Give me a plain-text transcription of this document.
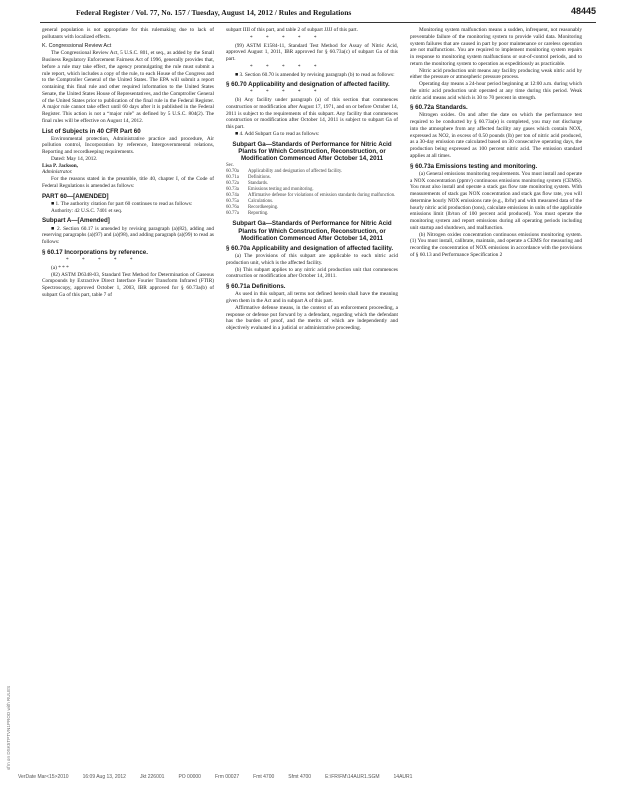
Federal Register / Vol. 77, No. 157 / Tuesday, August 14, 2012 / Rules and Regulations	48445

general population is not appropriate for this rulemaking due to lack of pollutants with localized effects.

K. Congressional Review Act

The Congressional Review Act, 5 U.S.C. 801, et seq., as added by the Small Business Regulatory Enforcement Fairness Act of 1996, generally provides that, before a rule may take effect, the agency promulgating the rule must submit a rule report, which includes a copy of the rule, to each House of the Congress and to the Comptroller General of the United States. The EPA will submit a report containing this final rule and other required information to the United States Senate, the United States House of Representatives, and the Comptroller General of the United States prior to publication of the final rule in the Federal Register. A major rule cannot take effect until 60 days after it is published in the Federal Register. This action is not a “major rule” as defined by 5 U.S.C. 804(2). The final rules will be effective on August 14, 2012.

List of Subjects in 40 CFR Part 60

Environmental protection, Administrative practice and procedure, Air pollution control, Incorporation by reference, Intergovernmental relations, Reporting and recordkeeping requirements.

Dated: May 14, 2012.

Lisa P. Jackson,

Administrator.

For the reasons stated in the preamble, title 40, chapter I, of the Code of Federal Regulations is amended as follows:

PART 60—[AMENDED]

■ 1. The authority citation for part 60 continues to read as follows:

Authority: 42 U.S.C. 7401 et seq.

Subpart A—[Amended]

■ 2. Section 60.17 is amended by revising paragraph (a)(82), adding and reserving paragraphs (a)(97) and (a)(98), and adding paragraph (a)(99) to read as follows:

§ 60.17 Incorporations by reference.

* * * * *

(a) * * *

(82) ASTM D6348-03, Standard Test Method for Determination of Gaseous Compounds by Extractive Direct Interface Fourier Transform Infrared (FTIR) Spectroscopy, approved October 1, 2003, IBR approved for § 60.73a(b) of subpart Ga of this part, table 7 of

subpart IIII of this part, and table 2 of subpart JJJJ of this part.

* * * * *

(99) ASTM E1584-11, Standard Test Method for Assay of Nitric Acid, approved August 1, 2011, IBR approved for § 60.73a(c) of subpart Ga of this part.

* * * * *

■ 3. Section 60.70 is amended by revising paragraph (b) to read as follows:

§ 60.70 Applicability and designation of affected facility.

* * * * *

(b) Any facility under paragraph (a) of this section that commences construction or modification after August 17, 1971, and on or before October 14, 2011 is subject to the requirements of this subpart. Any facility that commences construction or modification after October 14, 2011 is subject to subpart Ga of this part.

■ 4. Add Subpart Ga to read as follows:

Subpart Ga—Standards of Performance for Nitric Acid Plants for Which Construction, Reconstruction, or Modification Commenced After October 14, 2011

Sec.
60.70a	Applicability and designation of affected facility.
60.71a	Definitions.
60.72a	Standards.
60.73a	Emissions testing and monitoring.
60.74a	Affirmative defense for violations of emission standards during malfunction.
60.75a	Calculations.
60.76a	Recordkeeping.
60.77a	Reporting.

Subpart Ga—Standards of Performance for Nitric Acid Plants for Which Construction, Reconstruction, or Modification Commenced After October 14, 2011

§ 60.70a Applicability and designation of affected facility.

(a) The provisions of this subpart are applicable to each nitric acid production unit, which is the affected facility.

(b) This subpart applies to any nitric acid production unit that commences construction or modification after October 14, 2011.

§ 60.71a Definitions.

As used in this subpart, all terms not defined herein shall have the meaning given them in the Act and in subpart A of this part.

Affirmative defense means, in the context of an enforcement proceeding, a response or defense put forward by a defendant, regarding which the defendant has the burden of proof, and the merits of which are independently and objectively evaluated in a judicial or administrative proceeding.

Monitoring system malfunction means a sudden, infrequent, not reasonably preventable failure of the monitoring system to provide valid data. Monitoring system failures that are caused in part by poor maintenance or careless operation are not malfunctions. You are required to implement monitoring system repairs in response to monitoring system malfunctions or out-of-control periods, and to return the monitoring system to operation as expeditiously as practicable.

Nitric acid production unit means any facility producing weak nitric acid by either the pressure or atmospheric pressure process.

Operating day means a 24-hour period beginning at 12:00 a.m. during which the nitric acid production unit operated at any time during this period. Weak nitric acid means acid which is 30 to 70 percent in strength.

§ 60.72a Standards.

Nitrogen oxides. On and after the date on which the performance test required to be conducted by § 60.73a(e) is completed, you may not discharge into the atmosphere from any affected facility any gases which contain NOX, expressed as NO2, in excess of 0.50 pounds (lb) per ton of nitric acid produced, as a 30-day emission rate calculated based on 30 consecutive operating days, the production being expressed as 100 percent nitric acid. The emission standard applies at all times.

§ 60.73a Emissions testing and monitoring.

(a) General emissions monitoring requirements. You must install and operate a NOX concentration (ppmv) continuous emissions monitoring system (CEMS). You must also install and operate a stack gas flow rate monitoring system. With measurements of stack gas NOX concentration and stack gas flow rate, you will determine hourly NOX emissions rate (e.g., lb/hr) and with measured data of the hourly nitric acid production (tons), calculate emissions in units of the applicable emissions limit (lb/ton of 100 percent acid produced). You must operate the monitoring system and report emissions during all operating periods including unit startup and shutdown, and malfunction.

(b) Nitrogen oxides concentration continuous emissions monitoring system. (1) You must install, calibrate, maintain, and operate a CEMS for measuring and recording the concentration of NOX emissions in accordance with the provisions of § 60.13 and Performance Specification 2

sfrn on DSK5TPTVN1PROD with RULES
VerDate Mar<15>2010	16:09 Aug 13, 2012	Jkt 226001	PO 00000	Frm 00027	Fmt 4700	Sfmt 4700	E:\FR\FM\14AUR1.SGM	14AUR1
